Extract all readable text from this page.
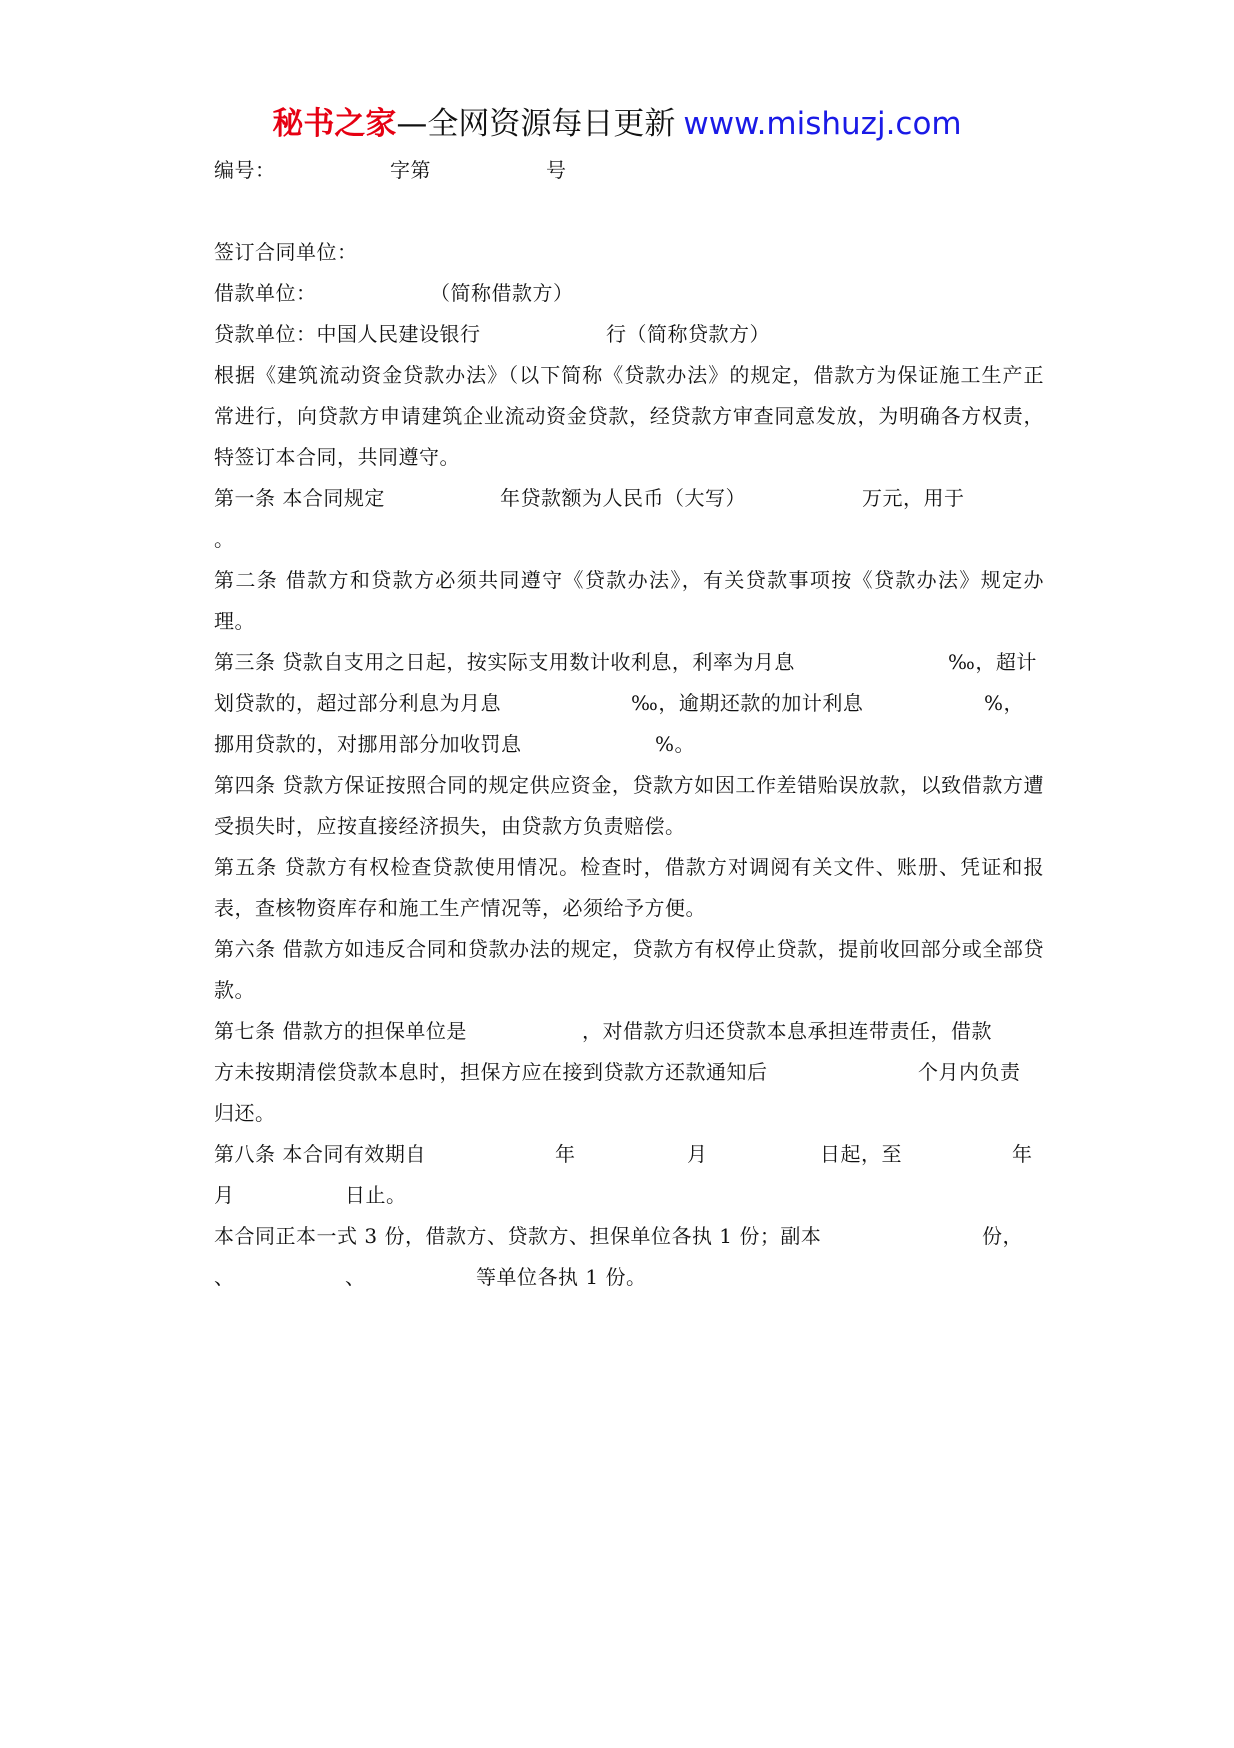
秘书之家—全网资源每日更新 www.mishuzj.com
编号：	字第	号
签订合同单位：
借款单位：	（简称借款方）
贷款单位：中国人民建设银行	行（简称贷款方）
根据《建筑流动资金贷款办法》（以下简称《贷款办法》的规定，借款方为保证施工生产正常进行，向贷款方申请建筑企业流动资金贷款，经贷款方审查同意发放，为明确各方权责，特签订本合同，共同遵守。
第一条 本合同规定	年贷款额为人民币（大写）	万元，用于
。
第二条 借款方和贷款方必须共同遵守《贷款办法》，有关贷款事项按《贷款办法》规定办理。
第三条 贷款自支用之日起，按实际支用数计收利息，利率为月息	‰，超计
划贷款的，超过部分利息为月息	‰，逾期还款的加计利息	%，
挪用贷款的，对挪用部分加收罚息	%。
第四条 贷款方保证按照合同的规定供应资金，贷款方如因工作差错贻误放款，以致借款方遭受损失时，应按直接经济损失，由贷款方负责赔偿。
第五条 贷款方有权检查贷款使用情况。检查时，借款方对调阅有关文件、账册、凭证和报表，查核物资库存和施工生产情况等，必须给予方便。
第六条 借款方如违反合同和贷款办法的规定，贷款方有权停止贷款，提前收回部分或全部贷款。
第七条 借款方的担保单位是	，对借款方归还贷款本息承担连带责任，借款
方未按期清偿贷款本息时，担保方应在接到贷款方还款通知后	个月内负责
归还。
第八条 本合同有效期自	年	月	日起，至	年
月	日止。
本合同正本一式 3 份，借款方、贷款方、担保单位各执 1 份；副本	份，
、	、	等单位各执 1 份。
